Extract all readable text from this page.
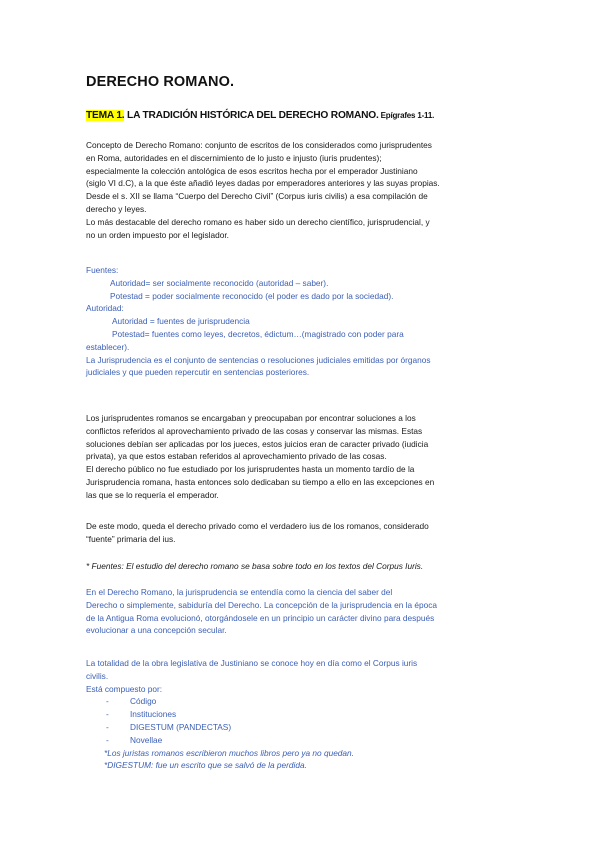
DERECHO ROMANO.
TEMA 1. LA TRADICIÓN HISTÓRICA DEL DERECHO ROMANO. Epígrafes 1-11.
Concepto de Derecho Romano: conjunto de escritos de los considerados como jurisprudentes
en Roma, autoridades en el discernimiento de lo justo e injusto (iuris prudentes);
especialmente la colección antológica de esos escritos hecha por el emperador Justiniano
(siglo VI d.C), a la que éste añadió leyes dadas por emperadores anteriores y las suyas propias.
Desde el s. XII se llama “Cuerpo del Derecho Civil” (Corpus iuris civilis) a esa compilación de
derecho y leyes.
Lo más destacable del derecho romano es haber sido un derecho científico, jurisprudencial, y
no un orden impuesto por el legislador.
Fuentes:
Autoridad= ser socialmente reconocido (autoridad – saber).
Potestad = poder socialmente reconocido (el poder es dado por la sociedad).
Autoridad:
Autoridad = fuentes de jurisprudencia
Potestad= fuentes como leyes, decretos, édictum…(magistrado con poder para
establecer).
La Jurisprudencia es el conjunto de sentencias o resoluciones judiciales emitidas por órganos
judiciales y que pueden repercutir en sentencias posteriores.
Los jurisprudentes romanos se encargaban y preocupaban por encontrar soluciones a los
conflictos referidos al aprovechamiento privado de las cosas y conservar las mismas. Estas
soluciones debían ser aplicadas por los jueces, estos juicios eran de caracter privado (iudicia
privata), ya que estos estaban referidos al aprovechamiento privado de las cosas.
El derecho público no fue estudiado por los jurisprudentes hasta un momento tardío de la
Jurisprudencia romana, hasta entonces solo dedicaban su tiempo a ello en las excepciones en
las que se lo requería el emperador.
De este modo, queda el derecho privado como el verdadero ius de los romanos, considerado
“fuente” primaria del ius.
* Fuentes: El estudio del derecho romano se basa sobre todo en los textos del Corpus Iuris.
En el Derecho Romano, la jurisprudencia se entendía como la ciencia del saber del
Derecho o simplemente, sabiduría del Derecho. La concepción de la jurisprudencia en la época
de la Antigua Roma evolucionó, otorgándosele en un principio un carácter divino para después
evolucionar a una concepción secular.
La totalidad de la obra legislativa de Justiniano se conoce hoy en día como el Corpus iuris
civilis.
Está compuesto por:
-	Código
-	Instituciones
-	DIGESTUM (PANDECTAS)
-	Novellae
*Los juristas romanos escribieron muchos libros pero ya no quedan.
*DIGESTUM: fue un escrito que se salvó de la perdida.
